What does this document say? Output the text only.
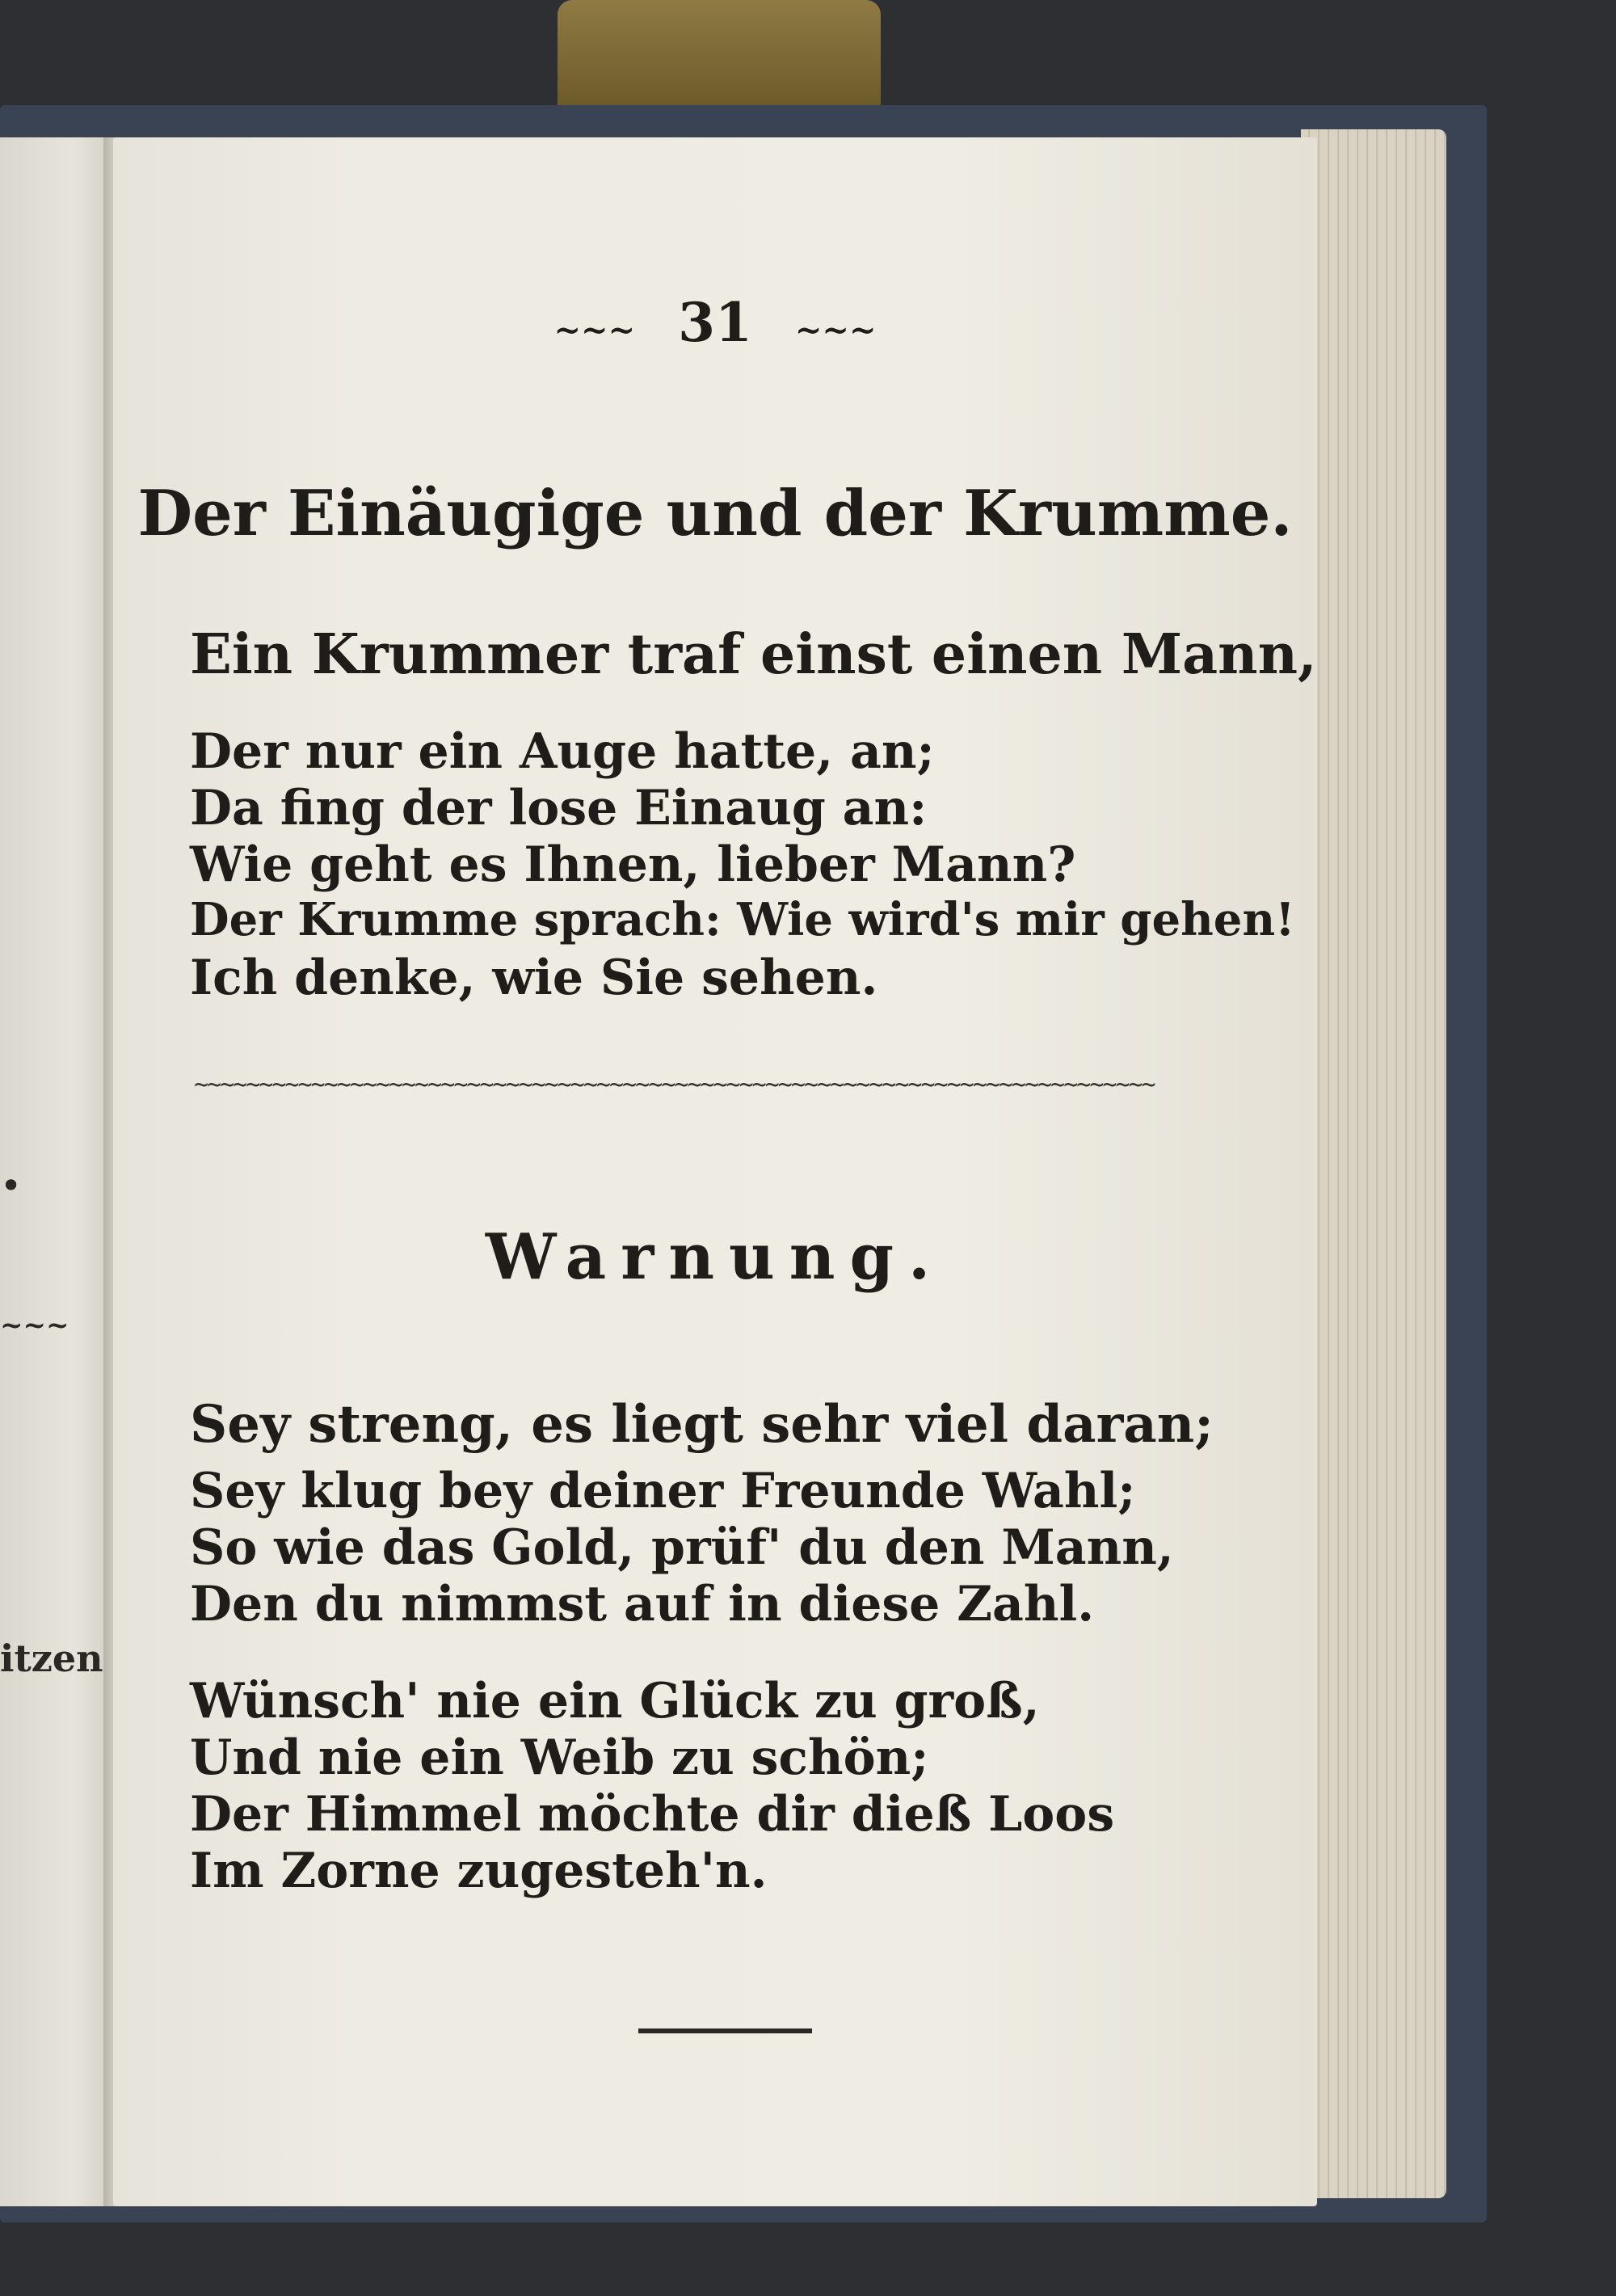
•
~~~
itzen
~~~ 31 ~~~
Der Einäugige und der Krumme.
Ein Krummer traf einst einen Mann,
Der nur ein Auge hatte, an;
Da fing der lose Einaug an:
Wie geht es Ihnen, lieber Mann?
Der Krumme sprach: Wie wird's mir gehen!
Ich denke, wie Sie sehen.
~~~~~~~~~~~~~~~~~~~~~~~~~~~~~~~~~~~~~~~~~~~~~~~~~~~~~~~~~~~~~~~~~~~~~~~~~~
Warnung.
Sey streng, es liegt sehr viel daran;
Sey klug bey deiner Freunde Wahl;
So wie das Gold, prüf' du den Mann,
Den du nimmst auf in diese Zahl.
Wünsch' nie ein Glück zu groß,
Und nie ein Weib zu schön;
Der Himmel möchte dir dieß Loos
Im Zorne zugesteh'n.
